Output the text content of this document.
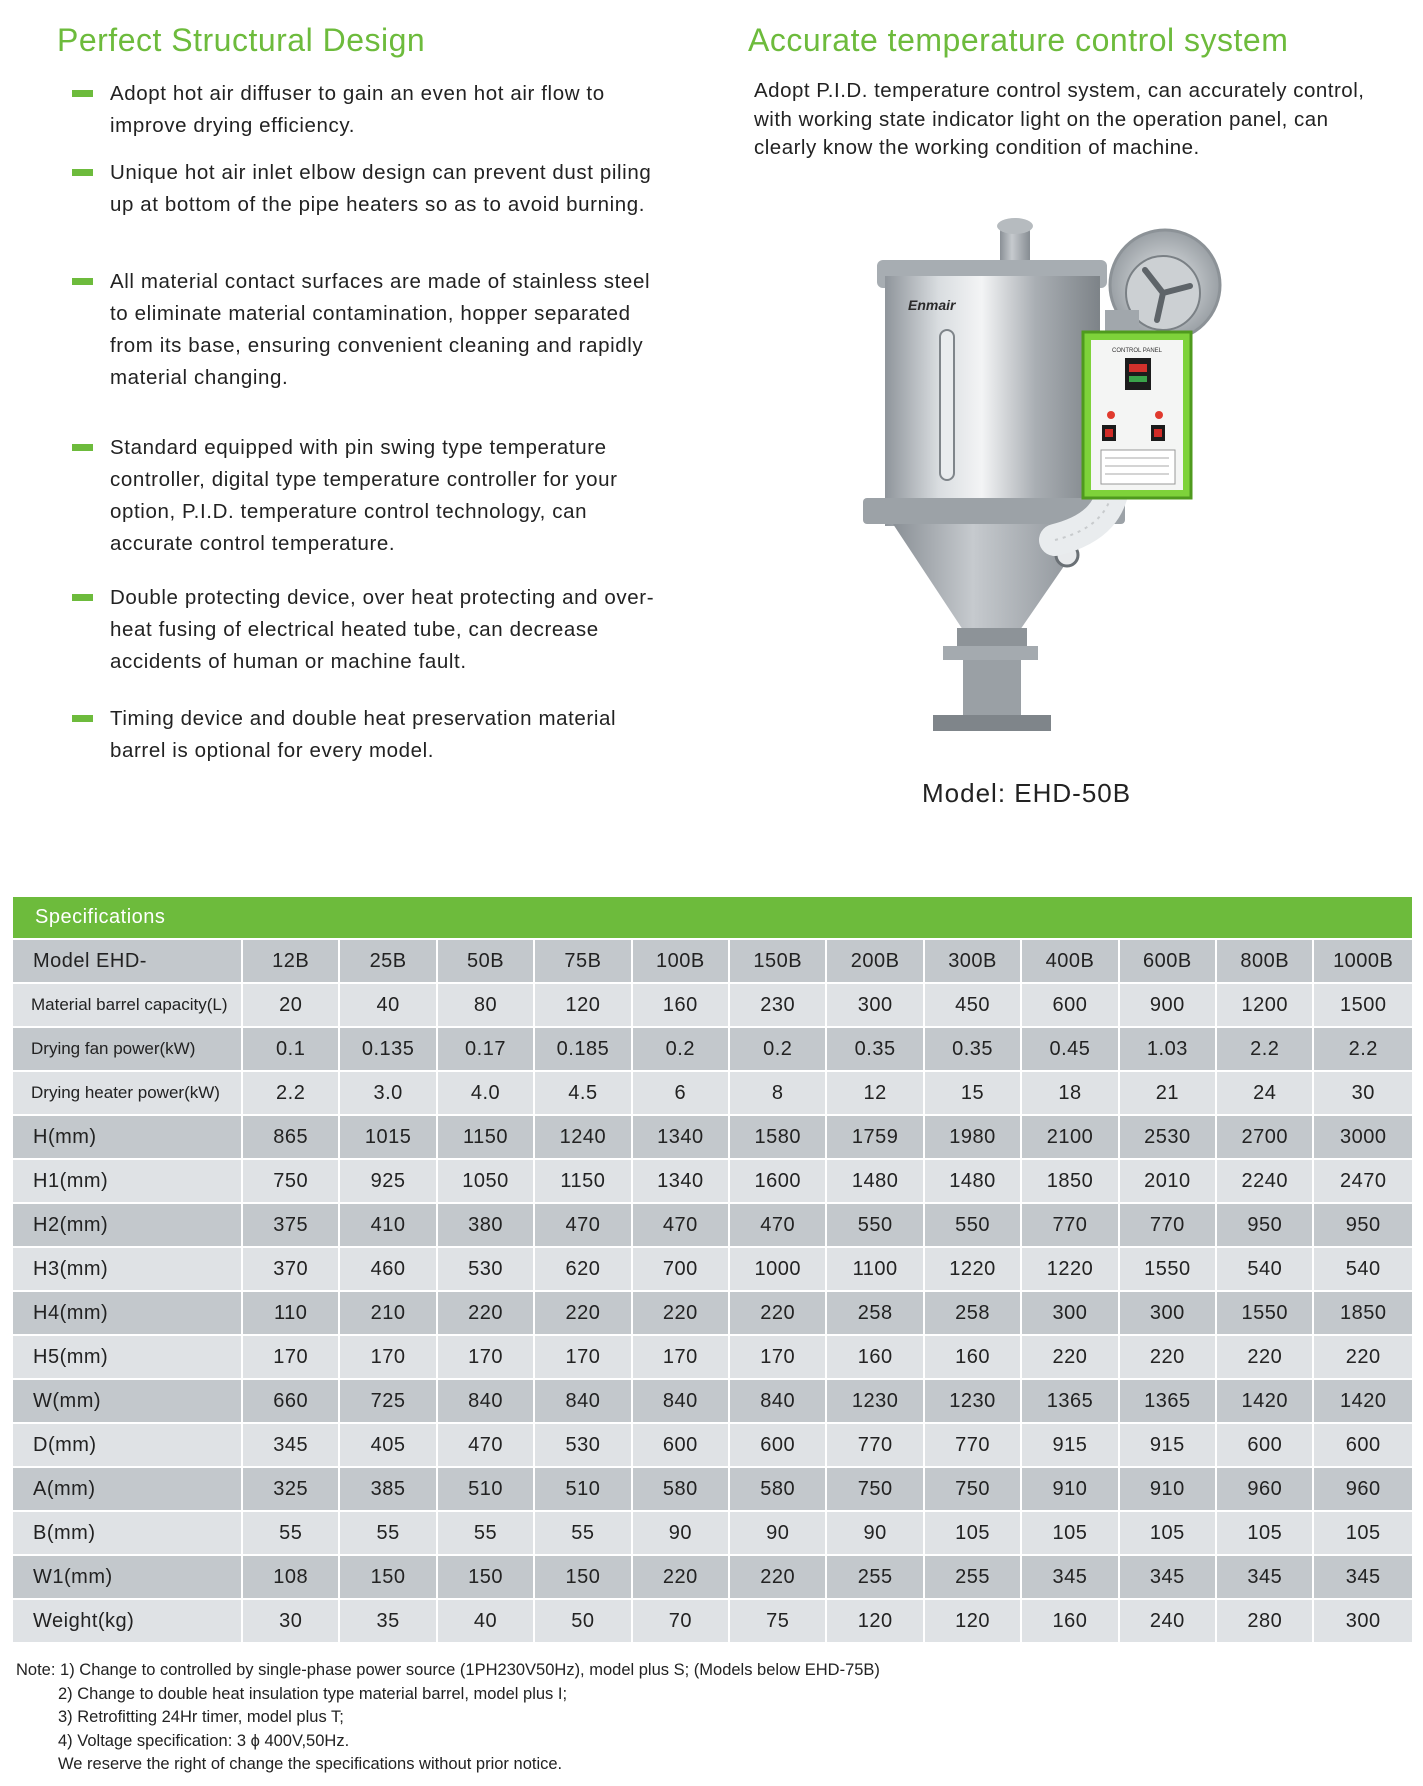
Perfect Structural Design
Adopt hot air diffuser to gain an even hot air flow to improve drying efficiency.
Unique hot air inlet elbow design can prevent dust piling up at bottom of the pipe heaters so as to avoid burning.
All material contact surfaces are made of stainless steel to eliminate material contamination, hopper separated from its base, ensuring convenient cleaning and rapidly material changing.
Standard equipped with pin swing type temperature controller, digital type temperature controller for your option, P.I.D. temperature control technology, can accurate control temperature.
Double protecting device, over heat protecting and over-heat fusing of electrical heated tube, can decrease accidents of human or machine fault.
Timing device and double heat preservation material barrel is optional for every model.
Accurate temperature control system
Adopt P.I.D. temperature control system, can accurately control, with working state indicator light on the operation panel, can clearly know the working condition of machine.
Enmair
CONTROL PANEL
Model: EHD-50B
Specifications
Model EHD-	12B	25B	50B	75B	100B	150B	200B	300B	400B	600B	800B	1000B
Material barrel capacity(L)	20	40	80	120	160	230	300	450	600	900	1200	1500
Drying fan power(kW)	0.1	0.135	0.17	0.185	0.2	0.2	0.35	0.35	0.45	1.03	2.2	2.2
Drying heater power(kW)	2.2	3.0	4.0	4.5	6	8	12	15	18	21	24	30
H(mm)	865	1015	1150	1240	1340	1580	1759	1980	2100	2530	2700	3000
H1(mm)	750	925	1050	1150	1340	1600	1480	1480	1850	2010	2240	2470
H2(mm)	375	410	380	470	470	470	550	550	770	770	950	950
H3(mm)	370	460	530	620	700	1000	1100	1220	1220	1550	540	540
H4(mm)	110	210	220	220	220	220	258	258	300	300	1550	1850
H5(mm)	170	170	170	170	170	170	160	160	220	220	220	220
W(mm)	660	725	840	840	840	840	1230	1230	1365	1365	1420	1420
D(mm)	345	405	470	530	600	600	770	770	915	915	600	600
A(mm)	325	385	510	510	580	580	750	750	910	910	960	960
B(mm)	55	55	55	55	90	90	90	105	105	105	105	105
W1(mm)	108	150	150	150	220	220	255	255	345	345	345	345
Weight(kg)	30	35	40	50	70	75	120	120	160	240	280	300
Note: 1) Change to controlled by single-phase power source (1PH230V50Hz), model plus S; (Models below EHD-75B)
2) Change to double heat insulation type material barrel, model plus I;
3) Retrofitting 24Hr timer, model plus T;
4) Voltage specification: 3 ϕ 400V,50Hz.
We reserve the right of change the specifications without prior notice.
